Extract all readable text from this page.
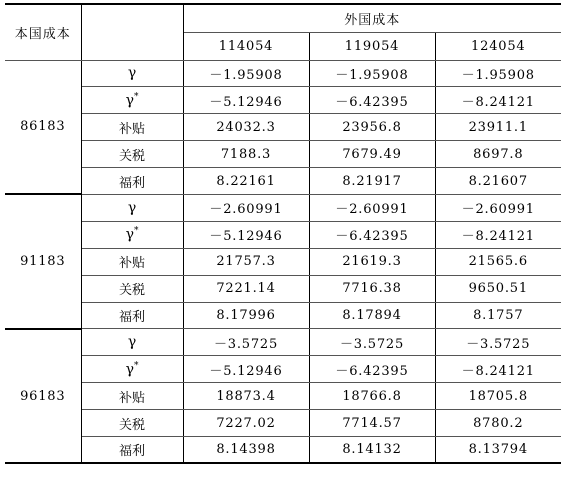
本国成本		外国成本		
		114054	119054	124054
86183	γ	－1.95908	－1.95908	－1.95908
	γ*	－5.12946	－6.42395	－8.24121
	补贴	24032.3	23956.8	23911.1
	关税	7188.3	7679.49	8697.8
	福利	8.22161	8.21917	8.21607
91183	γ	－2.60991	－2.60991	－2.60991
	γ*	－5.12946	－6.42395	－8.24121
	补贴	21757.3	21619.3	21565.6
	关税	7221.14	7716.38	9650.51
	福利	8.17996	8.17894	8.1757
96183	γ	－3.5725	－3.5725	－3.5725
	γ*	－5.12946	－6.42395	－8.24121
	补贴	18873.4	18766.8	18705.8
	关税	7227.02	7714.57	8780.2
	福利	8.14398	8.14132	8.13794
